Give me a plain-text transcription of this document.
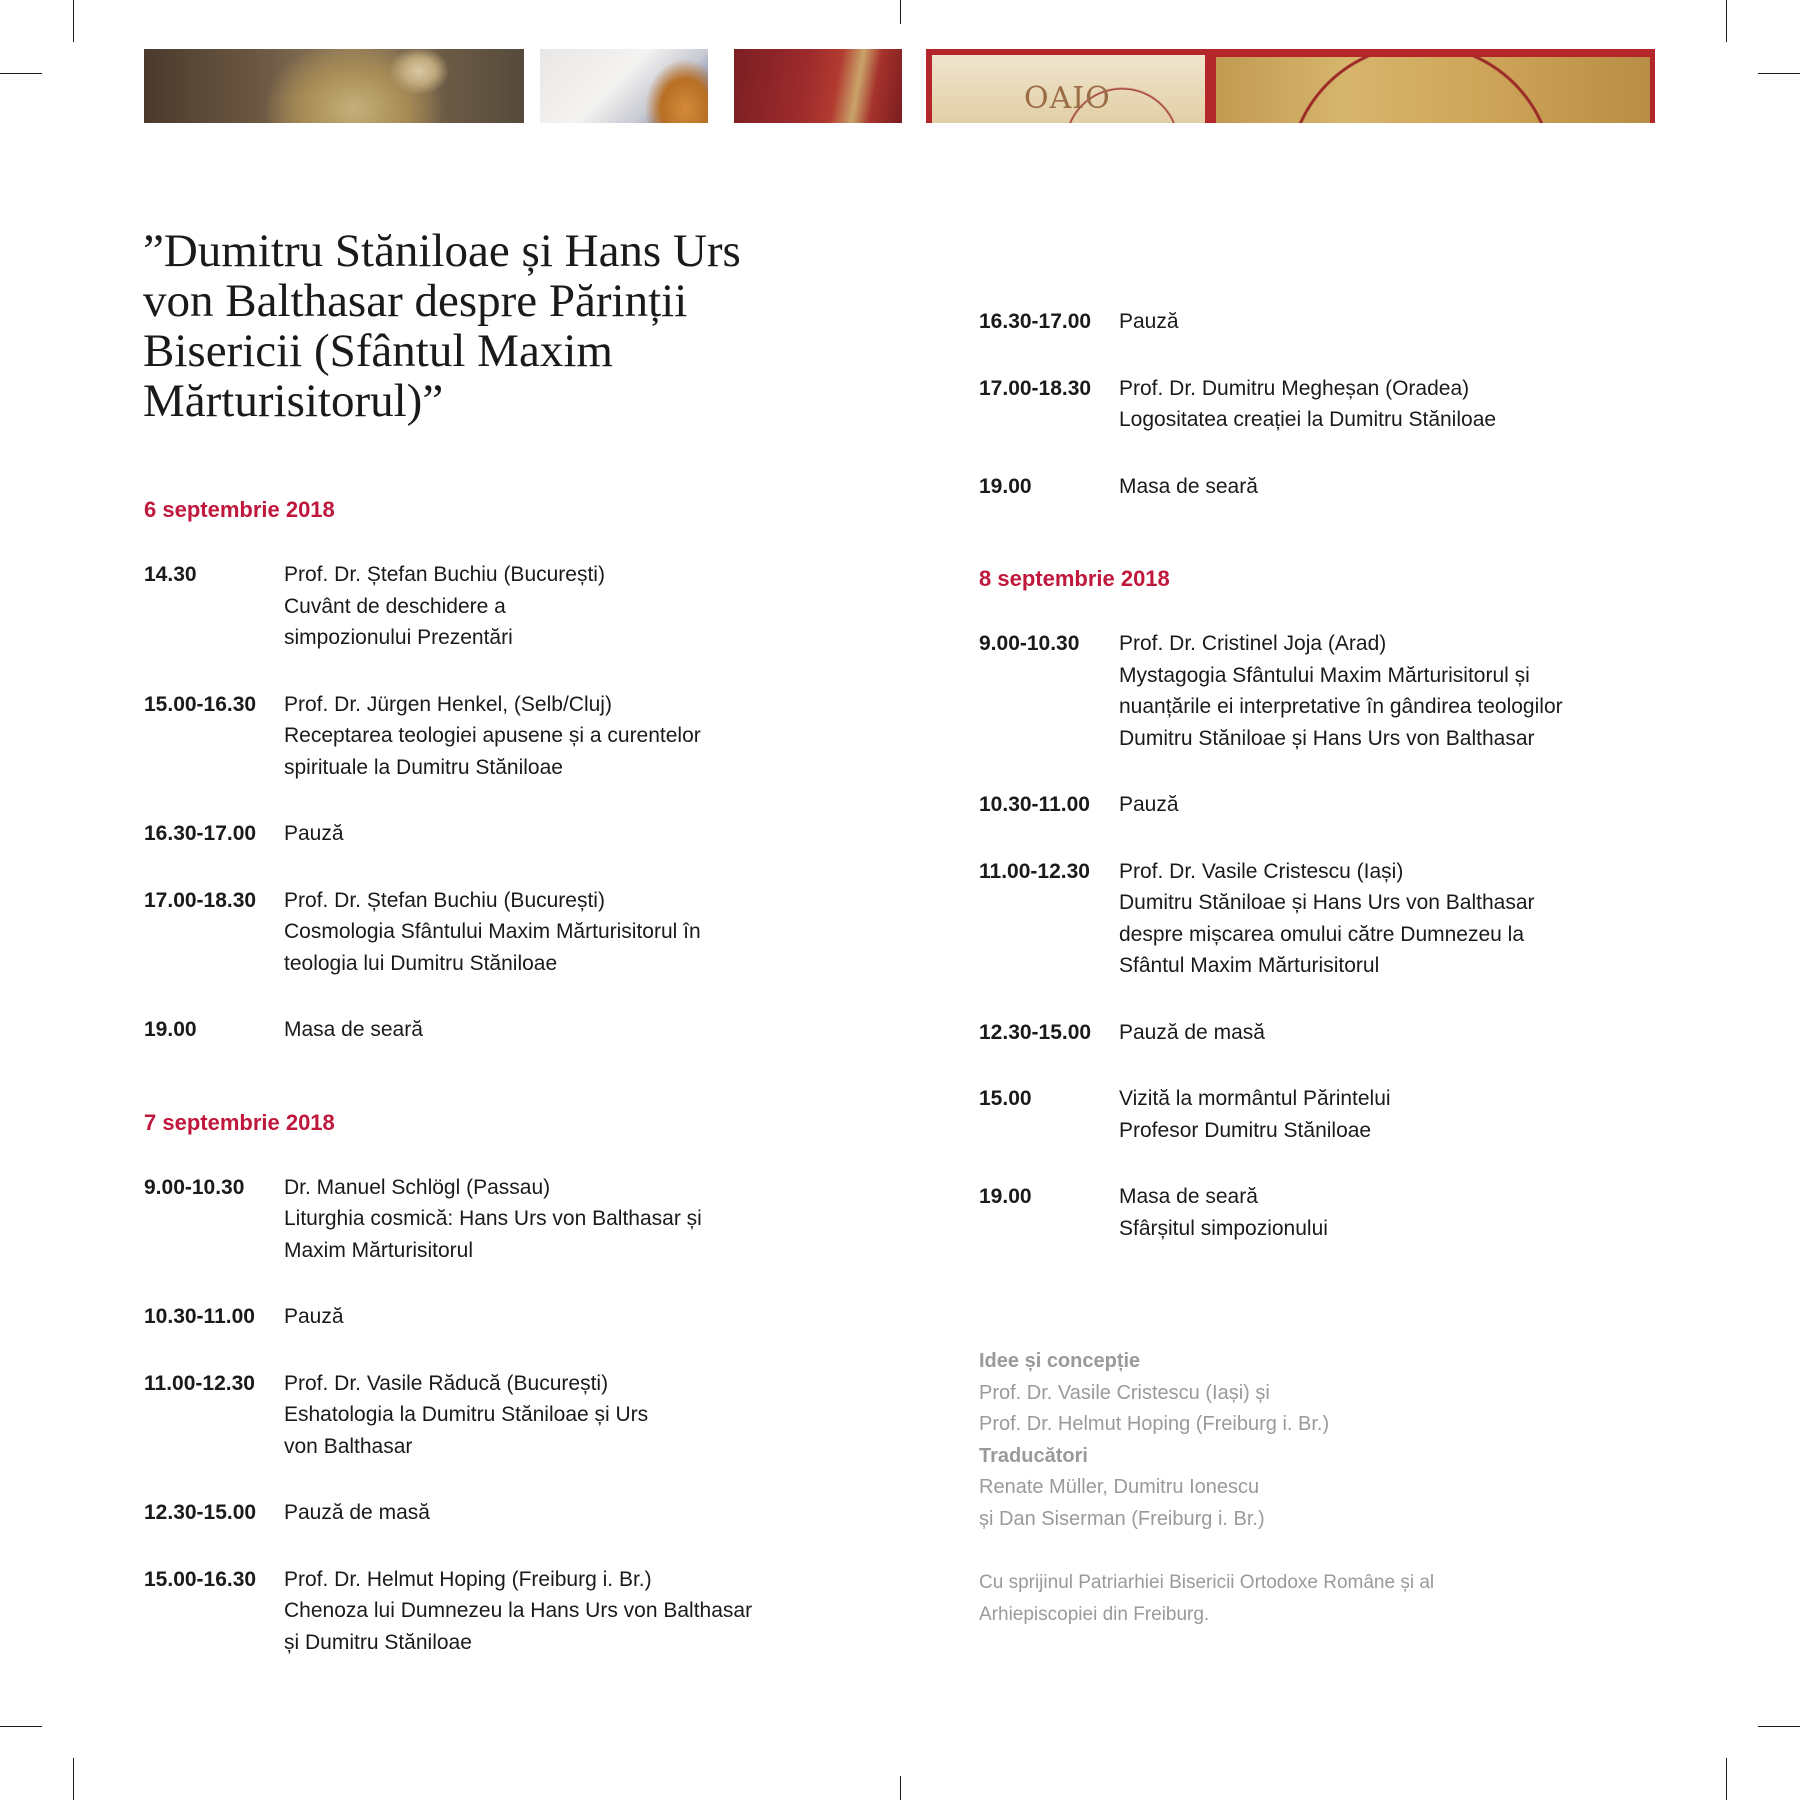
OAIO
”Dumitru Stăniloae și Hans Urs
von Balthasar despre Părinții
Bisericii (Sfântul Maxim
Mărturisitorul)”
6 septembrie 2018
14.30	Prof. Dr. Ștefan Buchiu (București)
Cuvânt de deschidere a
simpozionului Prezentări
15.00-16.30	Prof. Dr. Jürgen Henkel, (Selb/Cluj)
Receptarea teologiei apusene și a curentelor
spirituale la Dumitru Stăniloae
16.30-17.00	Pauză
17.00-18.30	Prof. Dr. Ștefan Buchiu (București)
Cosmologia Sfântului Maxim Mărturisitorul în
teologia lui Dumitru Stăniloae
19.00	Masa de seară
7 septembrie 2018
9.00-10.30	Dr. Manuel Schlögl (Passau)
Liturghia cosmică: Hans Urs von Balthasar și
Maxim Mărturisitorul
10.30-11.00	Pauză
11.00-12.30	Prof. Dr. Vasile Răducă (București)
Eshatologia la Dumitru Stăniloae și Urs
von Balthasar
12.30-15.00	Pauză de masă
15.00-16.30	Prof. Dr. Helmut Hoping (Freiburg i. Br.)
Chenoza lui Dumnezeu la Hans Urs von Balthasar
și Dumitru Stăniloae
16.30-17.00	Pauză
17.00-18.30	Prof. Dr. Dumitru Megheșan (Oradea)
Logositatea creației la Dumitru Stăniloae
19.00	Masa de seară
8 septembrie 2018
9.00-10.30	Prof. Dr. Cristinel Joja (Arad)
Mystagogia Sfântului Maxim Mărturisitorul și
nuanțările ei interpretative în gândirea teologilor
Dumitru Stăniloae și Hans Urs von Balthasar
10.30-11.00	Pauză
11.00-12.30	Prof. Dr. Vasile Cristescu (Iași)
Dumitru Stăniloae și Hans Urs von Balthasar
despre mișcarea omului către Dumnezeu la
Sfântul Maxim Mărturisitorul
12.30-15.00	Pauză de masă
15.00	Vizită la mormântul Părintelui
Profesor Dumitru Stăniloae
19.00	Masa de seară
Sfârșitul simpozionului
Idee și concepție
Prof. Dr. Vasile Cristescu (Iași) și
Prof. Dr. Helmut Hoping (Freiburg i. Br.)
Traducători
Renate Müller, Dumitru Ionescu
și Dan Siserman (Freiburg i. Br.)
Cu sprijinul Patriarhiei Bisericii Ortodoxe Române și al
Arhiepiscopiei din Freiburg.
